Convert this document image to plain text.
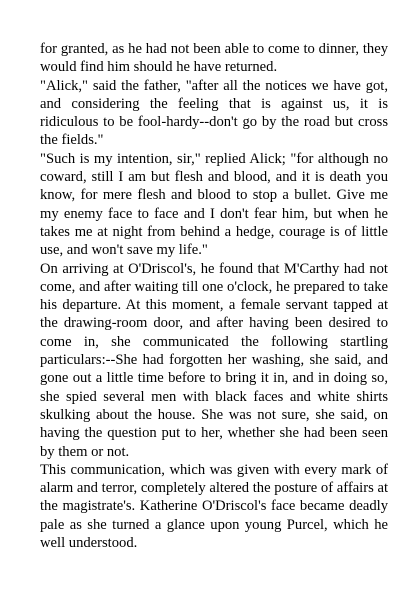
for granted, as he had not been able to come to dinner, they would find him should he have returned.

"Alick," said the father, "after all the notices we have got, and considering the feeling that is against us, it is ridiculous to be fool-hardy--don't go by the road but cross the fields."

"Such is my intention, sir," replied Alick; "for although no coward, still I am but flesh and blood, and it is death you know, for mere flesh and blood to stop a bullet. Give me my enemy face to face and I don't fear him, but when he takes me at night from behind a hedge, courage is of little use, and won't save my life."

On arriving at O'Driscol's, he found that M'Carthy had not come, and after waiting till one o'clock, he prepared to take his departure. At this moment, a female servant tapped at the drawing-room door, and after having been desired to come in, she communicated the following startling particulars:--She had forgotten her washing, she said, and gone out a little time before to bring it in, and in doing so, she spied several men with black faces and white shirts skulking about the house. She was not sure, she said, on having the question put to her, whether she had been seen by them or not.

This communication, which was given with every mark of alarm and terror, completely altered the posture of affairs at the magistrate's. Katherine O'Driscol's face became deadly pale as she turned a glance upon young Purcel, which he well understood.
